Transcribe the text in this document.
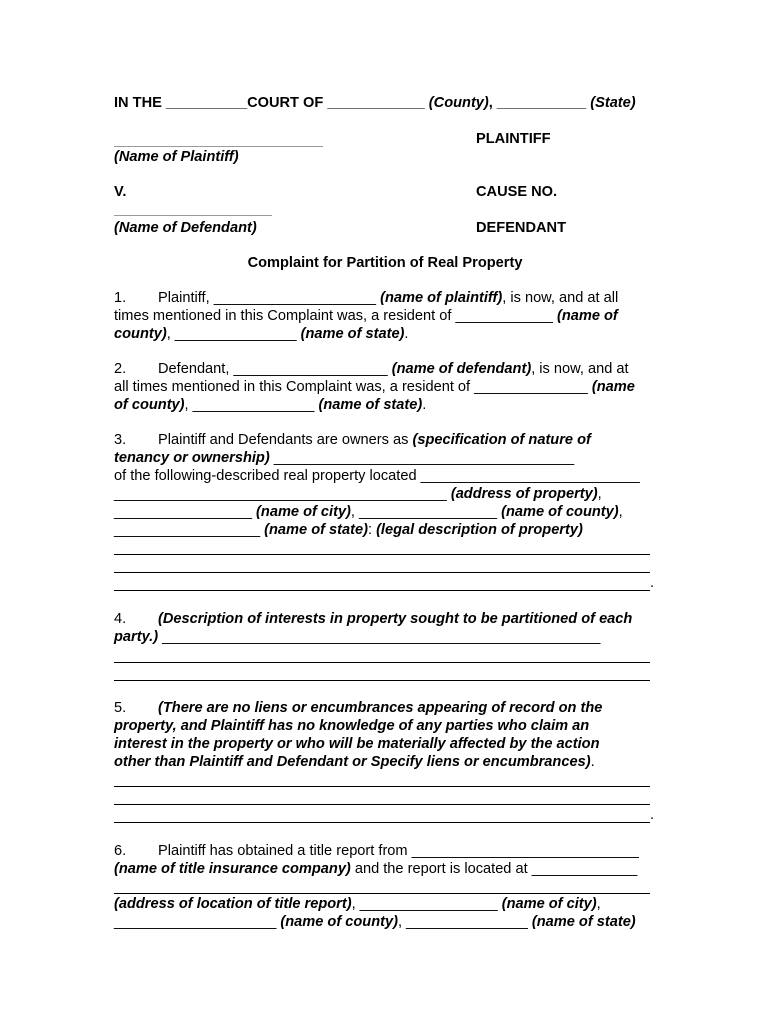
IN THE __________COURT OF ____________ (County), ___________ (State)
PLAINTIFF
(Name of Plaintiff)
V.	CAUSE NO.
(Name of Defendant)	DEFENDANT
Complaint for Partition of Real Property
1. Plaintiff, ____________________ (name of plaintiff), is now, and at all
times mentioned in this Complaint was, a resident of ____________ (name of
county), _______________ (name of state).
2. Defendant, ___________________ (name of defendant), is now, and at
all times mentioned in this Complaint was, a resident of ______________ (name
of county), _______________ (name of state).
3. Plaintiff and Defendants are owners as (specification of nature of
tenancy or ownership) _____________________________________
of the following-described real property located ___________________________
_________________________________________ (address of property),
_________________ (name of city), _________________ (name of county),
__________________ (name of state): (legal description of property)
.
4. (Description of interests in property sought to be partitioned of each
party.) ______________________________________________________
5. (There are no liens or encumbrances appearing of record on the
property, and Plaintiff has no knowledge of any parties who claim an
interest in the property or who will be materially affected by the action
other than Plaintiff and Defendant or Specify liens or encumbrances).
.
6. Plaintiff has obtained a title report from ____________________________
(name of title insurance company) and the report is located at _____________
(address of location of title report), _________________ (name of city),
____________________ (name of county), _______________ (name of state)
